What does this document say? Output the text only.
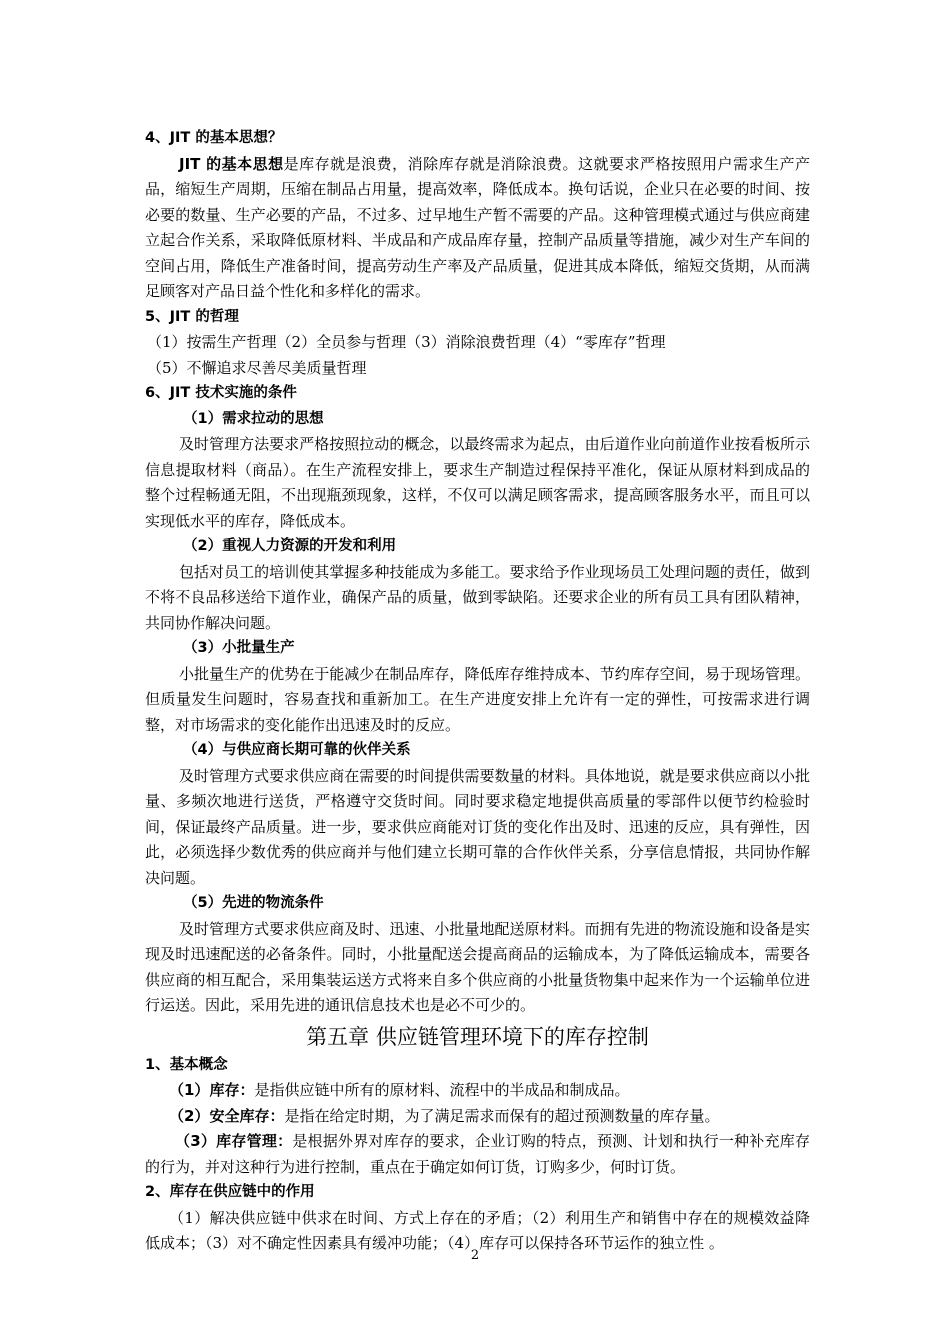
4、JIT 的基本思想？

JIT 的基本思想是库存就是浪费，消除库存就是消除浪费。这就要求严格按照用户需求生产产品，缩短生产周期，压缩在制品占用量，提高效率，降低成本。换句话说，企业只在必要的时间、按必要的数量、生产必要的产品，不过多、过早地生产暂不需要的产品。这种管理模式通过与供应商建立起合作关系，采取降低原材料、半成品和产成品库存量，控制产品质量等措施，减少对生产车间的空间占用，降低生产准备时间，提高劳动生产率及产品质量，促进其成本降低，缩短交货期，从而满足顾客对产品日益个性化和多样化的需求。

5、JIT 的哲理

（1）按需生产哲理（2）全员参与哲理（3）消除浪费哲理（4）“零库存”哲理

（5）不懈追求尽善尽美质量哲理

6、JIT 技术实施的条件

（1）需求拉动的思想

及时管理方法要求严格按照拉动的概念，以最终需求为起点，由后道作业向前道作业按看板所示信息提取材料（商品）。在生产流程安排上，要求生产制造过程保持平准化，保证从原材料到成品的整个过程畅通无阻，不出现瓶颈现象，这样，不仅可以满足顾客需求，提高顾客服务水平，而且可以实现低水平的库存，降低成本。

（2）重视人力资源的开发和利用

包括对员工的培训使其掌握多种技能成为多能工。要求给予作业现场员工处理问题的责任，做到不将不良品移送给下道作业，确保产品的质量，做到零缺陷。还要求企业的所有员工具有团队精神，共同协作解决问题。

（3）小批量生产

小批量生产的优势在于能减少在制品库存，降低库存维持成本、节约库存空间，易于现场管理。但质量发生问题时，容易查找和重新加工。在生产进度安排上允许有一定的弹性，可按需求进行调整，对市场需求的变化能作出迅速及时的反应。

（4）与供应商长期可靠的伙伴关系

及时管理方式要求供应商在需要的时间提供需要数量的材料。具体地说，就是要求供应商以小批量、多频次地进行送货，严格遵守交货时间。同时要求稳定地提供高质量的零部件以便节约检验时间，保证最终产品质量。进一步，要求供应商能对订货的变化作出及时、迅速的反应，具有弹性，因此，必须选择少数优秀的供应商并与他们建立长期可靠的合作伙伴关系，分享信息情报，共同协作解决问题。

（5）先进的物流条件

及时管理方式要求供应商及时、迅速、小批量地配送原材料。而拥有先进的物流设施和设备是实现及时迅速配送的必备条件。同时，小批量配送会提高商品的运输成本，为了降低运输成本，需要各供应商的相互配合，采用集装运送方式将来自多个供应商的小批量货物集中起来作为一个运输单位进行运送。因此，采用先进的通讯信息技术也是必不可少的。

第五章 供应链管理环境下的库存控制

1、基本概念

（1）库存：是指供应链中所有的原材料、流程中的半成品和制成品。

（2）安全库存：是指在给定时期，为了满足需求而保有的超过预测数量的库存量。

（3）库存管理：是根据外界对库存的要求，企业订购的特点，预测、计划和执行一种补充库存的行为，并对这种行为进行控制，重点在于确定如何订货，订购多少，何时订货。

2、库存在供应链中的作用

（1）解决供应链中供求在时间、方式上存在的矛盾；（2）利用生产和销售中存在的规模效益降低成本；（3）对不确定性因素具有缓冲功能；（4）库存可以保持各环节运作的独立性 。

2
